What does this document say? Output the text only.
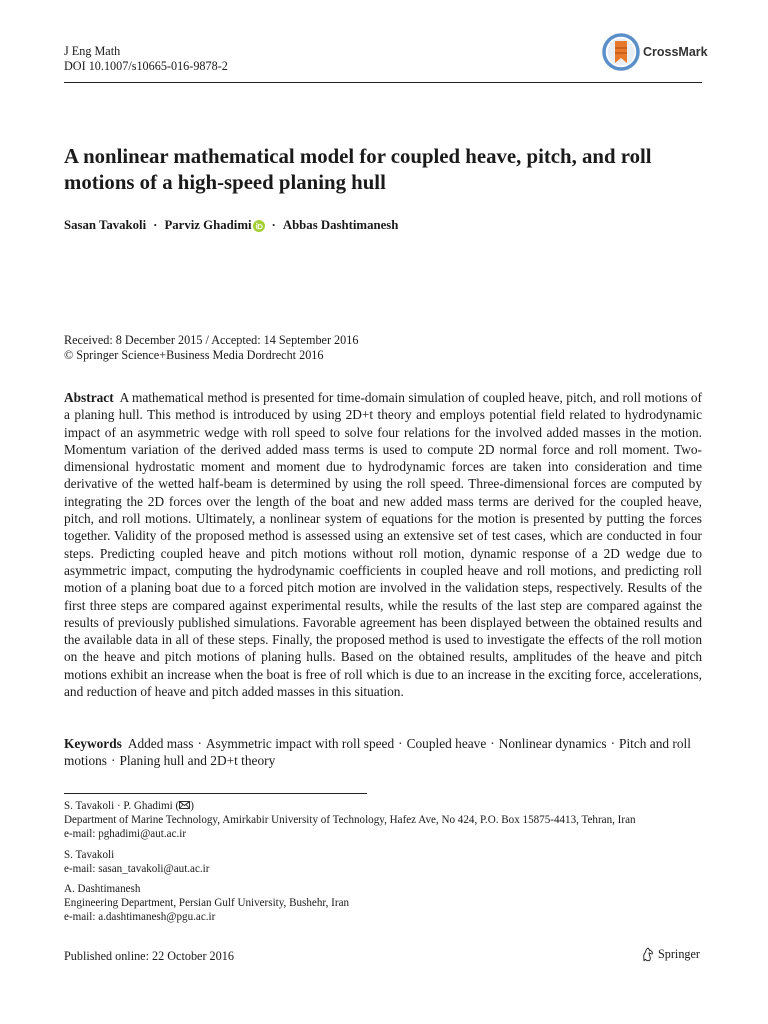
J Eng Math
DOI 10.1007/s10665-016-9878-2
CrossMark
A nonlinear mathematical model for coupled heave, pitch, and roll motions of a high-speed planing hull
Sasan Tavakoli · Parviz Ghadimi · Abbas Dashtimanesh
Received: 8 December 2015 / Accepted: 14 September 2016
© Springer Science+Business Media Dordrecht 2016

Abstract A mathematical method is presented for time-domain simulation of coupled heave, pitch, and roll motions of a planing hull. This method is introduced by using 2D+t theory and employs potential field related to hydrodynamic impact of an asymmetric wedge with roll speed to solve four relations for the involved added masses in the motion. Momentum variation of the derived added mass terms is used to compute 2D normal force and roll moment. Two-dimensional hydrostatic moment and moment due to hydrodynamic forces are taken into consideration and time derivative of the wetted half-beam is determined by using the roll speed. Three-dimensional forces are computed by integrating the 2D forces over the length of the boat and new added mass terms are derived for the coupled heave, pitch, and roll motions. Ultimately, a nonlinear system of equations for the motion is presented by putting the forces together. Validity of the proposed method is assessed using an extensive set of test cases, which are conducted in four steps. Predicting coupled heave and pitch motions without roll motion, dynamic response of a 2D wedge due to asymmetric impact, computing the hydrodynamic coefficients in coupled heave and roll motions, and predicting roll motion of a planing boat due to a forced pitch motion are involved in the validation steps, respectively. Results of the first three steps are compared against experimental results, while the results of the last step are compared against the results of previously published simulations. Favorable agreement has been displayed between the obtained results and the available data in all of these steps. Finally, the proposed method is used to investigate the effects of the roll motion on the heave and pitch motions of planing hulls. Based on the obtained results, amplitudes of the heave and pitch motions exhibit an increase when the boat is free of roll which is due to an increase in the exciting force, accelerations, and reduction of heave and pitch added masses in this situation.

Keywords Added mass · Asymmetric impact with roll speed · Coupled heave · Nonlinear dynamics · Pitch and roll motions · Planing hull and 2D+t theory

S. Tavakoli · P. Ghadimi ( )
Department of Marine Technology, Amirkabir University of Technology, Hafez Ave, No 424, P.O. Box 15875-4413, Tehran, Iran
e-mail: pghadimi@aut.ac.ir
S. Tavakoli
e-mail: sasan_tavakoli@aut.ac.ir
A. Dashtimanesh
Engineering Department, Persian Gulf University, Bushehr, Iran
e-mail: a.dashtimanesh@pgu.ac.ir
Published online: 22 October 2016	Springer
